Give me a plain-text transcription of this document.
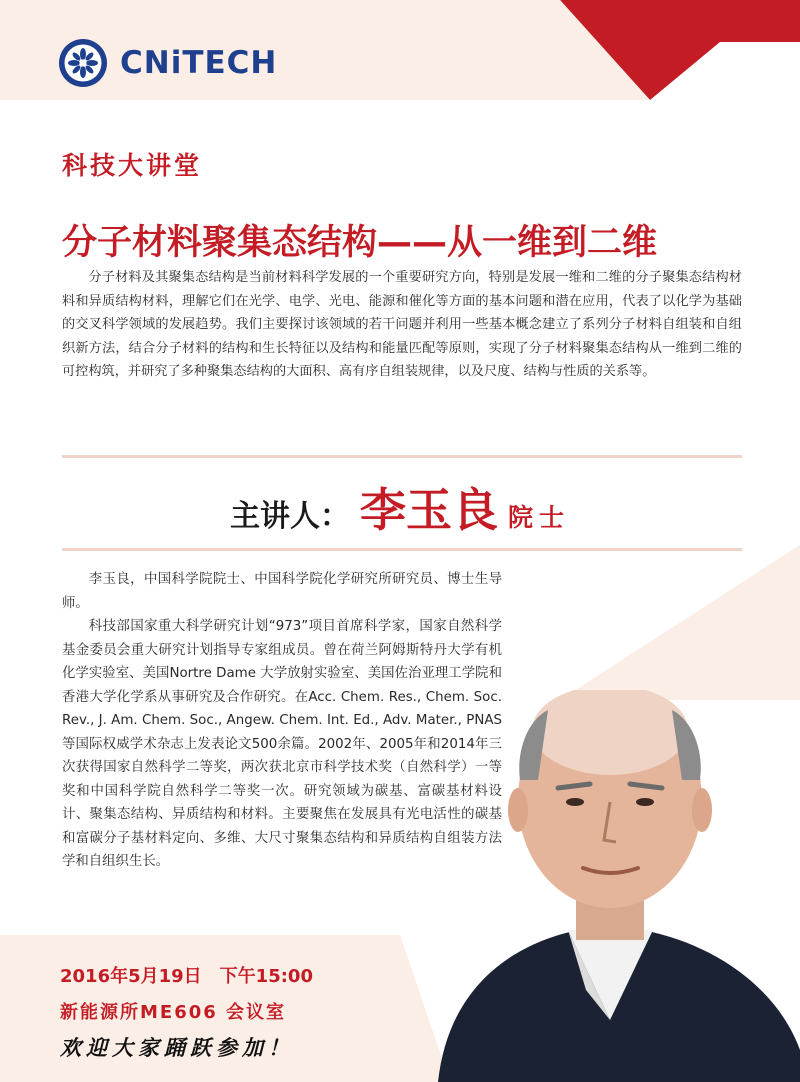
CNiTECH
科技大讲堂
分子材料聚集态结构——从一维到二维

分子材料及其聚集态结构是当前材料科学发展的一个重要研究方向，特别是发展一维和二维的分子聚集态结构材料和异质结构材料，理解它们在光学、电学、光电、能源和催化等方面的基本问题和潜在应用，代表了以化学为基础的交叉科学领域的发展趋势。我们主要探讨该领域的若干问题并利用一些基本概念建立了系列分子材料自组装和自组织新方法，结合分子材料的结构和生长特征以及结构和能量匹配等原则，实现了分子材料聚集态结构从一维到二维的可控构筑，并研究了多种聚集态结构的大面积、高有序自组装规律，以及尺度、结构与性质的关系等。

主讲人： 李玉良 院士

李玉良，中国科学院院士、中国科学院化学研究所研究员、博士生导师。

科技部国家重大科学研究计划“973”项目首席科学家，国家自然科学基金委员会重大研究计划指导专家组成员。曾在荷兰阿姆斯特丹大学有机化学实验室、美国Nortre Dame 大学放射实验室、美国佐治亚理工学院和香港大学化学系从事研究及合作研究。在Acc. Chem. Res., Chem. Soc. Rev., J. Am. Chem. Soc., Angew. Chem. Int. Ed., Adv. Mater., PNAS等国际权威学术杂志上发表论文500余篇。2002年、2005年和2014年三次获得国家自然科学二等奖，两次获北京市科学技术奖（自然科学）一等奖和中国科学院自然科学二等奖一次。研究领域为碳基、富碳基材料设计、聚集态结构、异质结构和材料。主要聚焦在发展具有光电活性的碳基和富碳分子基材料定向、多维、大尺寸聚集态结构和异质结构自组装方法学和自组织生长。

2016年5月19日　下午15:00

新能源所ME606 会议室

欢迎大家踊跃参加！
